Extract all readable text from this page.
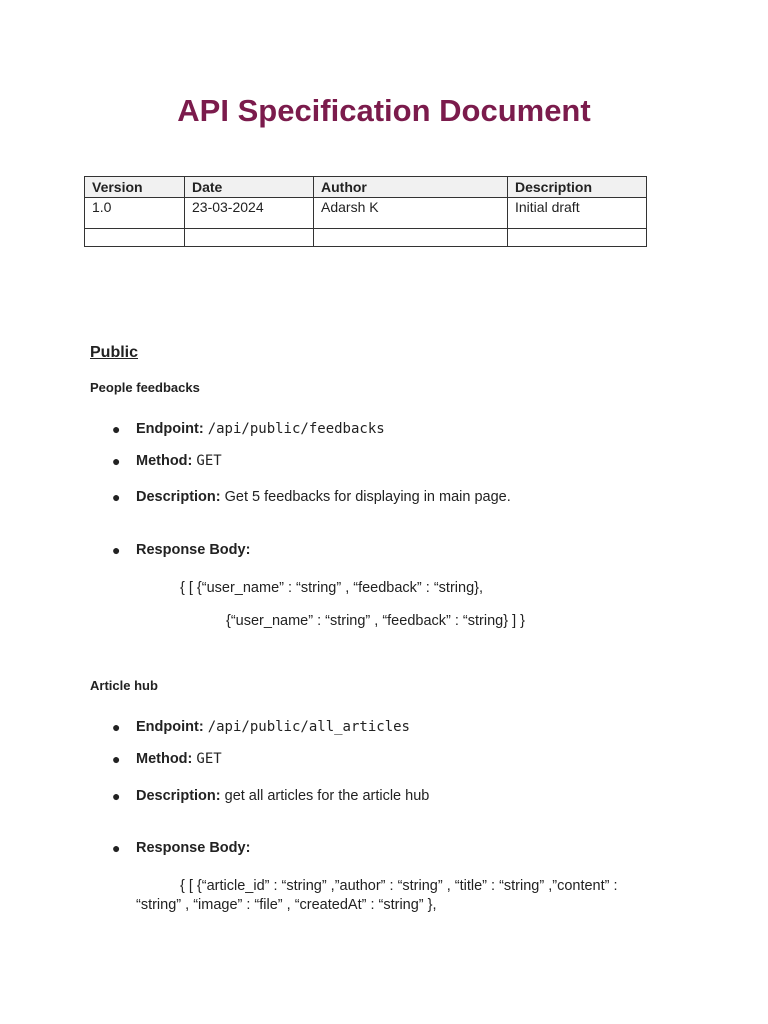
API Specification Document
Version	Date	Author	Description
1.0	23-03-2024	Adarsh K	Initial draft

Public
People feedbacks
● Endpoint: /api/public/feedbacks
● Method: GET
● Description: Get 5 feedbacks for displaying in main page.
● Response Body:
{ [ {“user_name” : “string” , “feedback” : “string},
{“user_name” : “string” , “feedback” : “string} ] }
Article hub
● Endpoint: /api/public/all_articles
● Method: GET
● Description: get all articles for the article hub
● Response Body:
{ [ {“article_id” : “string” ,”author” : “string” , “title” : “string” ,”content” :
“string” , “image” : “file” , “createdAt” : “string” },
